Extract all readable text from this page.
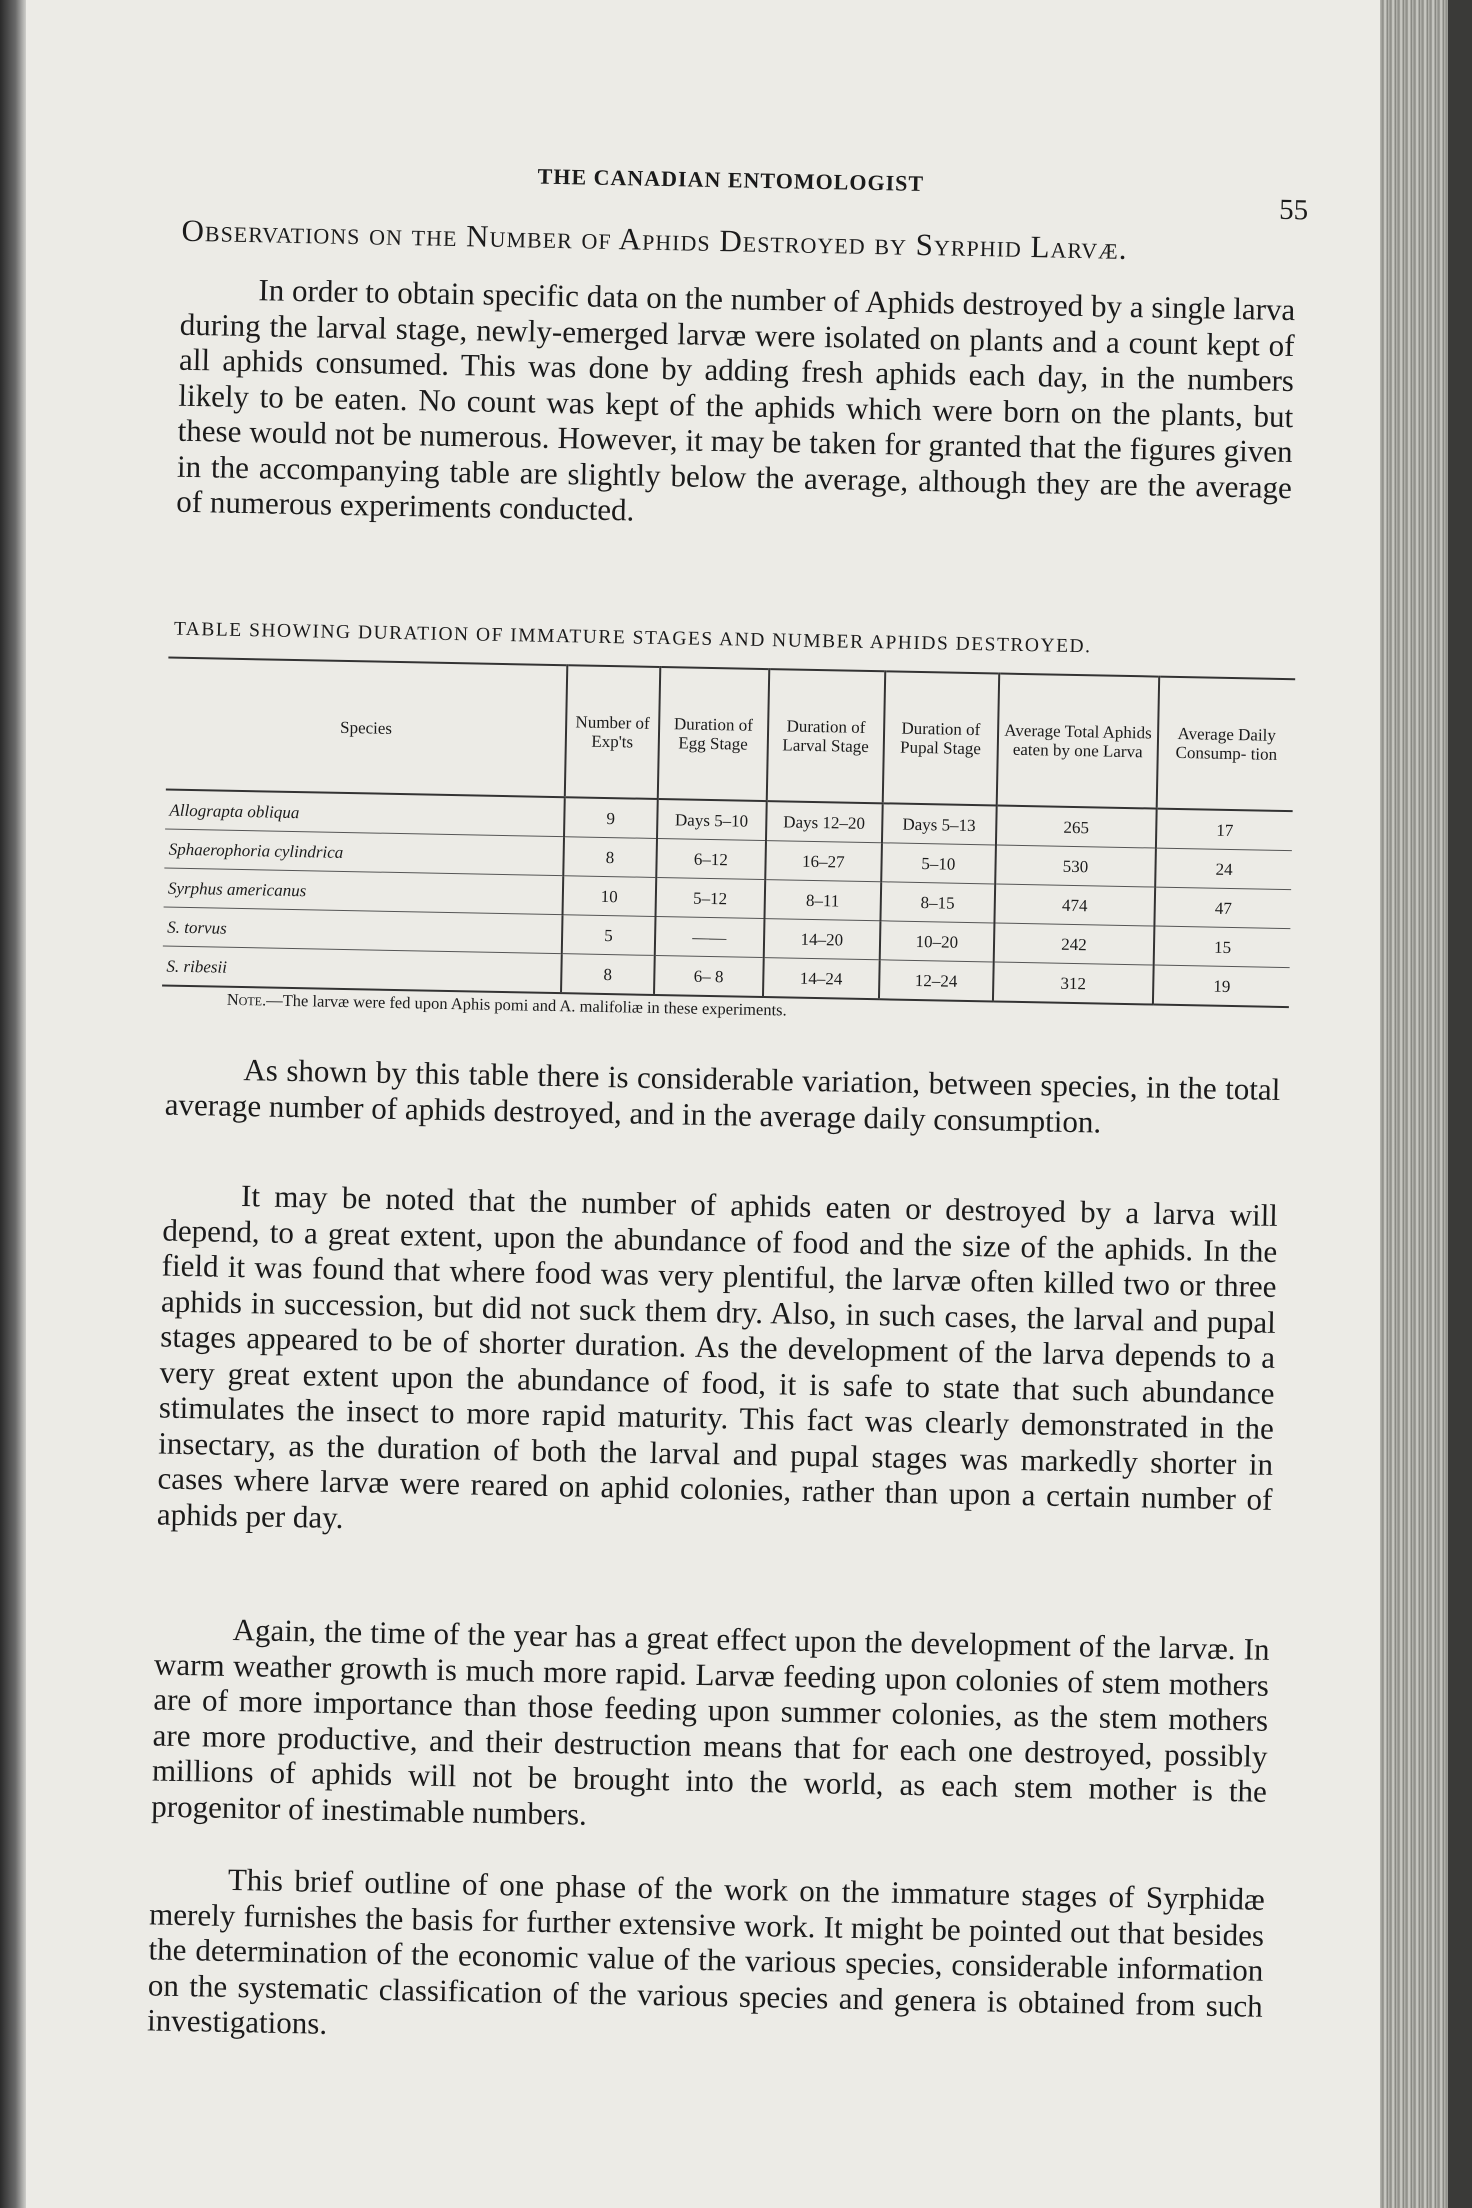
THE CANADIAN ENTOMOLOGIST
55
Observations on the Number of Aphids Destroyed by Syrphid Larvæ.

In order to obtain specific data on the number of Aphids destroyed by a single larva during the larval stage, newly-emerged larvæ were isolated on plants and a count kept of all aphids consumed. This was done by adding fresh aphids each day, in the numbers likely to be eaten. No count was kept of the aphids which were born on the plants, but these would not be numerous. However, it may be taken for granted that the figures given in the accompanying table are slightly below the average, although they are the average of numerous experiments conducted.

TABLE SHOWING DURATION OF IMMATURE STAGES AND NUMBER APHIDS DESTROYED.
Species	Number of Exp'ts	Duration of Egg Stage	Duration of Larval Stage	Duration of Pupal Stage	Average Total Aphids eaten by one Larva	Average Daily Consump- tion
Allograpta obliqua	9	Days 5–10	Days 12–20	Days 5–13	265	17
Sphaerophoria cylindrica	8	6–12	16–27	5–10	530	24
Syrphus americanus	10	5–12	8–11	8–15	474	47
S. torvus	5	——	14–20	10–20	242	15
S. ribesii	8	6– 8	14–24	12–24	312	19
Note.—The larvæ were fed upon Aphis pomi and A. malifoliæ in these experiments.

As shown by this table there is considerable variation, between species, in the total average number of aphids destroyed, and in the average daily consumption.

It may be noted that the number of aphids eaten or destroyed by a larva will depend, to a great extent, upon the abundance of food and the size of the aphids. In the field it was found that where food was very plentiful, the larvæ often killed two or three aphids in succession, but did not suck them dry. Also, in such cases, the larval and pupal stages appeared to be of shorter duration. As the development of the larva depends to a very great extent upon the abundance of food, it is safe to state that such abundance stimulates the insect to more rapid maturity. This fact was clearly demonstrated in the insectary, as the duration of both the larval and pupal stages was markedly shorter in cases where larvæ were reared on aphid colonies, rather than upon a certain number of aphids per day.

Again, the time of the year has a great effect upon the development of the larvæ. In warm weather growth is much more rapid. Larvæ feeding upon colonies of stem mothers are of more importance than those feeding upon summer colonies, as the stem mothers are more productive, and their destruction means that for each one destroyed, possibly millions of aphids will not be brought into the world, as each stem mother is the progenitor of inestimable numbers.

This brief outline of one phase of the work on the immature stages of Syrphidæ merely furnishes the basis for further extensive work. It might be pointed out that besides the determination of the economic value of the various species, considerable information on the systematic classification of the various species and genera is obtained from such investigations.
